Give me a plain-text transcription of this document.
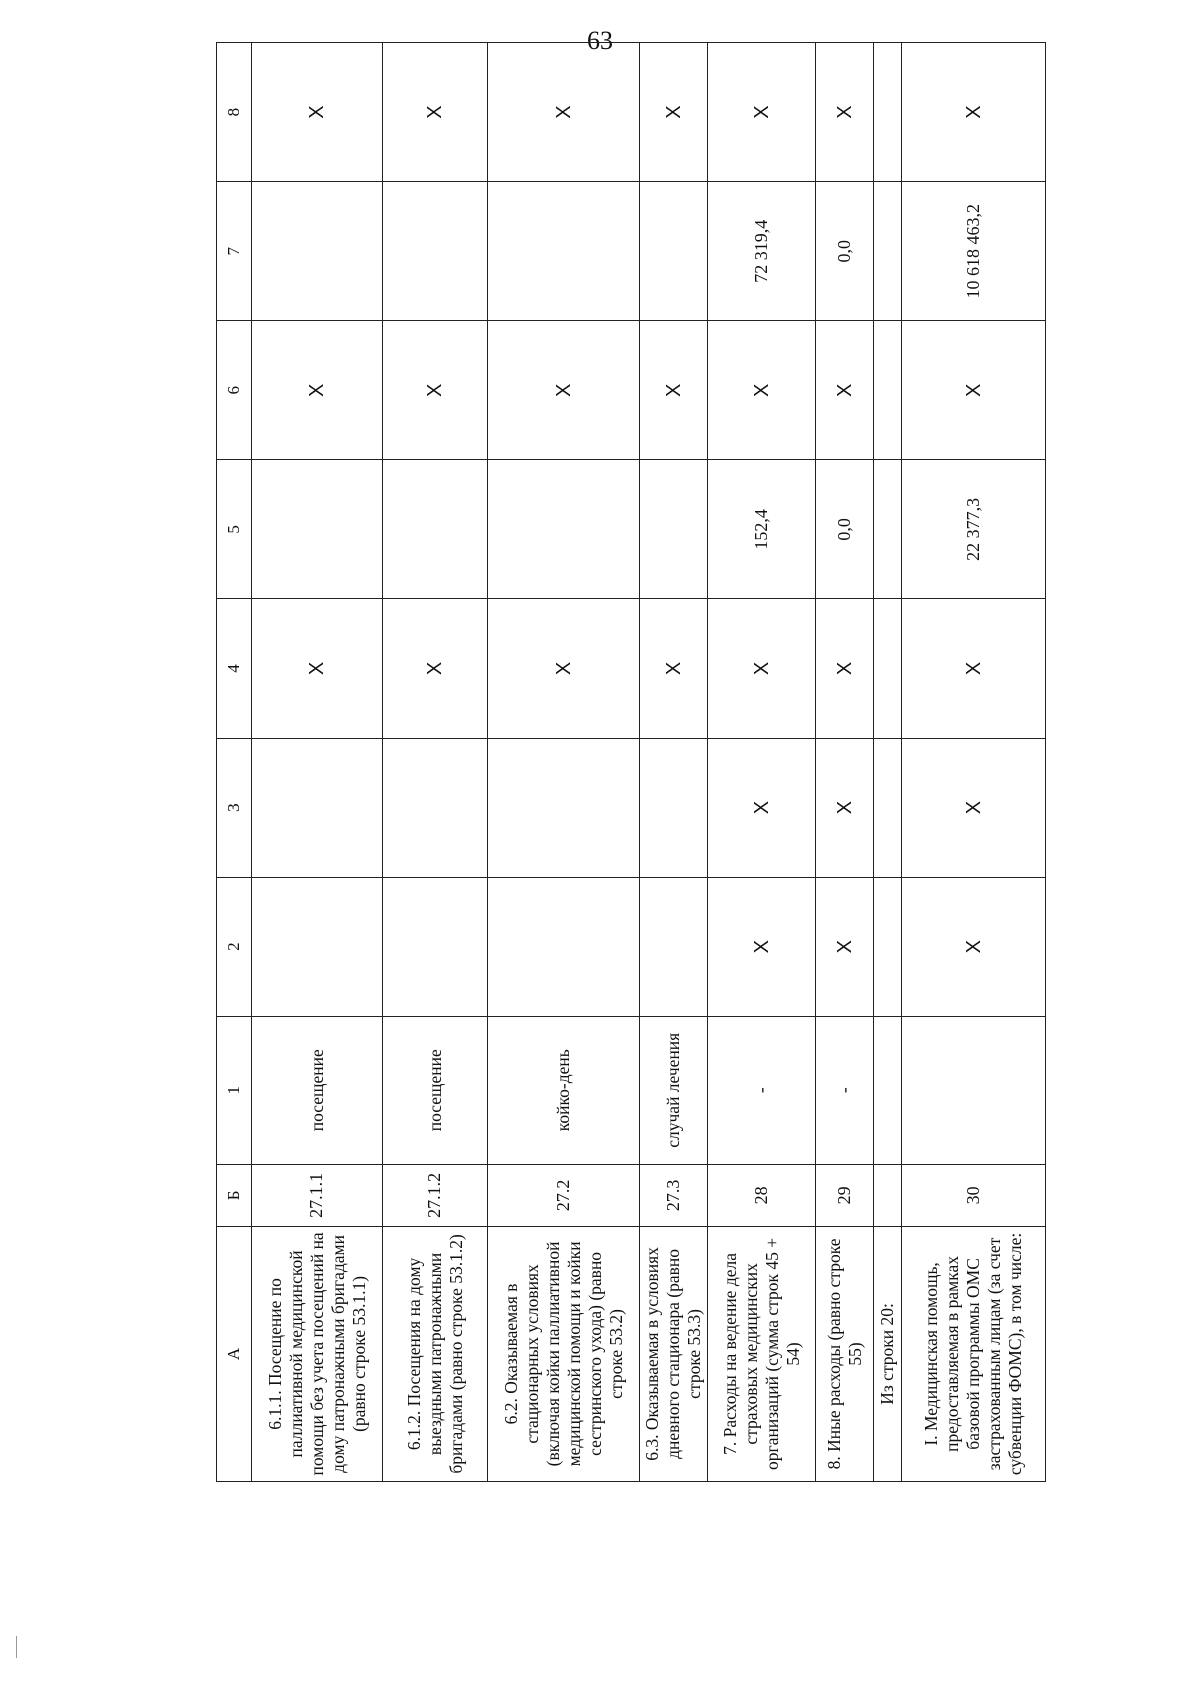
63
А	Б	1	2	3	4	5	6	7	8
6.1.1. Посещение по паллиативной медицинской помощи без учета посещений на дому патронажными бригадами (равно строке 53.1.1)	27.1.1	посещение			X		X		X
6.1.2. Посещения на дому выездными патронажными бригадами (равно строке 53.1.2)	27.1.2	посещение			X		X		X
6.2. Оказываемая в стационарных условиях (включая койки паллиативной медицинской помощи и койки сестринского ухода) (равно строке 53.2)	27.2	койко-день			X		X		X
6.3. Оказываемая в условиях дневного стационара (равно строке 53.3)	27.3	случай лечения			X		X		X
7. Расходы на ведение дела страховых медицинских организаций (сумма строк 45 + 54)	28	-	X	X	X	152,4	X	72 319,4	X
8. Иные расходы (равно строке 55)	29	-	X	X	X	0,0	X	0,0	X
Из строки 20:									
I. Медицинская помощь, предоставляемая в рамках базовой программы ОМС застрахованным лицам (за счет субвенции ФОМС), в том числе:	30		X	X	X	22 377,3	X	10 618 463,2	X
